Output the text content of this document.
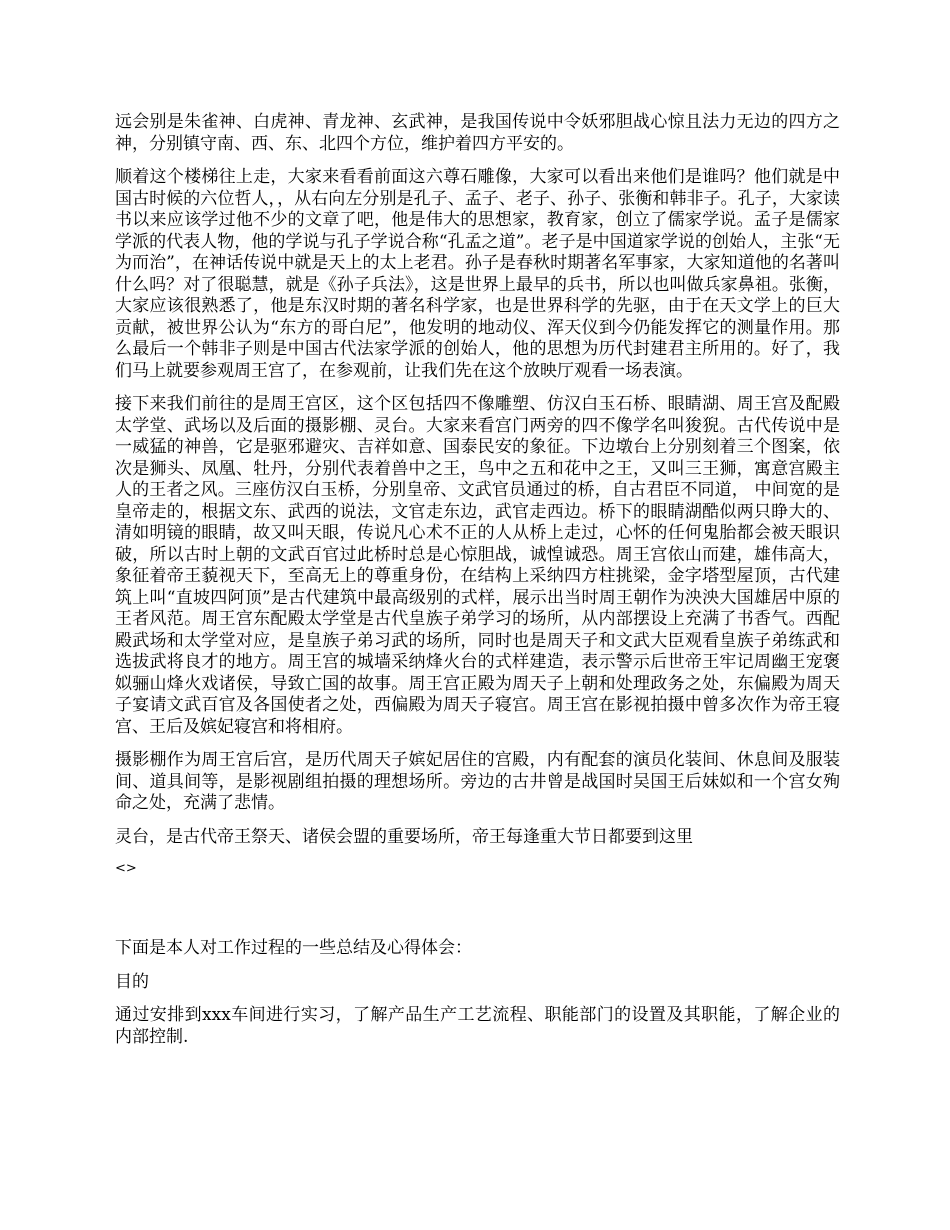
远会别是朱雀神、白虎神、青龙神、玄武神，是我国传说中令妖邪胆战心惊且法力无边的四方之神，分别镇守南、西、东、北四个方位，维护着四方平安的。

顺着这个楼梯往上走，大家来看看前面这六尊石雕像，大家可以看出来他们是谁吗？他们就是中国古时候的六位哲人，，从右向左分别是孔子、孟子、老子、孙子、张衡和韩非子。孔子，大家读书以来应该学过他不少的文章了吧，他是伟大的思想家，教育家，创立了儒家学说。孟子是儒家学派的代表人物，他的学说与孔子学说合称“孔孟之道”。老子是中国道家学说的创始人，主张“无为而治”，在神话传说中就是天上的太上老君。孙子是春秋时期著名军事家，大家知道他的名著叫什么吗？对了很聪慧，就是《孙子兵法》，这是世界上最早的兵书，所以也叫做兵家鼻祖。张衡，大家应该很熟悉了，他是东汉时期的著名科学家，也是世界科学的先驱，由于在天文学上的巨大贡献，被世界公认为“东方的哥白尼”，他发明的地动仪、浑天仪到今仍能发挥它的测量作用。那么最后一个韩非子则是中国古代法家学派的创始人，他的思想为历代封建君主所用的。好了，我们马上就要参观周王宫了，在参观前，让我们先在这个放映厅观看一场表演。

接下来我们前往的是周王宫区，这个区包括四不像雕塑、仿汉白玉石桥、眼睛湖、周王宫及配殿太学堂、武场以及后面的摄影棚、灵台。大家来看宫门两旁的四不像学名叫狻猊。古代传说中是一威猛的神兽，它是驱邪避灾、吉祥如意、国泰民安的象征。下边墩台上分别刻着三个图案，依次是狮头、凤凰、牡丹，分别代表着兽中之王，鸟中之五和花中之王，又叫三王狮，寓意宫殿主人的王者之风。三座仿汉白玉桥，分别皇帝、文武官员通过的桥，自古君臣不同道， 中间宽的是皇帝走的，根据文东、武西的说法，文官走东边，武官走西边。桥下的眼睛湖酷似两只睁大的、清如明镜的眼睛，故又叫天眼，传说凡心术不正的人从桥上走过，心怀的任何鬼胎都会被天眼识破，所以古时上朝的文武百官过此桥时总是心惊胆战，诚惶诚恐。周王宫依山而建，雄伟高大，象征着帝王藐视天下，至高无上的尊重身份，在结构上采纳四方柱挑梁，金字塔型屋顶，古代建筑上叫“直坡四阿顶”是古代建筑中最高级别的式样，展示出当时周王朝作为泱泱大国雄居中原的王者风范。周王宫东配殿太学堂是古代皇族子弟学习的场所，从内部摆设上充满了书香气。西配殿武场和太学堂对应，是皇族子弟习武的场所，同时也是周天子和文武大臣观看皇族子弟练武和选拔武将良才的地方。周王宫的城墙采纳烽火台的式样建造，表示警示后世帝王牢记周幽王宠褒姒骊山烽火戏诸侯，导致亡国的故事。周王宫正殿为周天子上朝和处理政务之处，东偏殿为周天子宴请文武百官及各国使者之处，西偏殿为周天子寝宫。周王宫在影视拍摄中曾多次作为帝王寝宫、王后及嫔妃寝宫和将相府。

摄影棚作为周王宫后宫，是历代周天子嫔妃居住的宫殿，内有配套的演员化装间、休息间及服装间、道具间等，是影视剧组拍摄的理想场所。旁边的古井曾是战国时吴国王后妹姒和一个宫女殉命之处，充满了悲情。

灵台，是古代帝王祭天、诸侯会盟的重要场所，帝王每逢重大节日都要到这里

<>

下面是本人对工作过程的一些总结及心得体会：

目的

通过安排到xxx车间进行实习，了解产品生产工艺流程、职能部门的设置及其职能，了解企业的内部控制.
